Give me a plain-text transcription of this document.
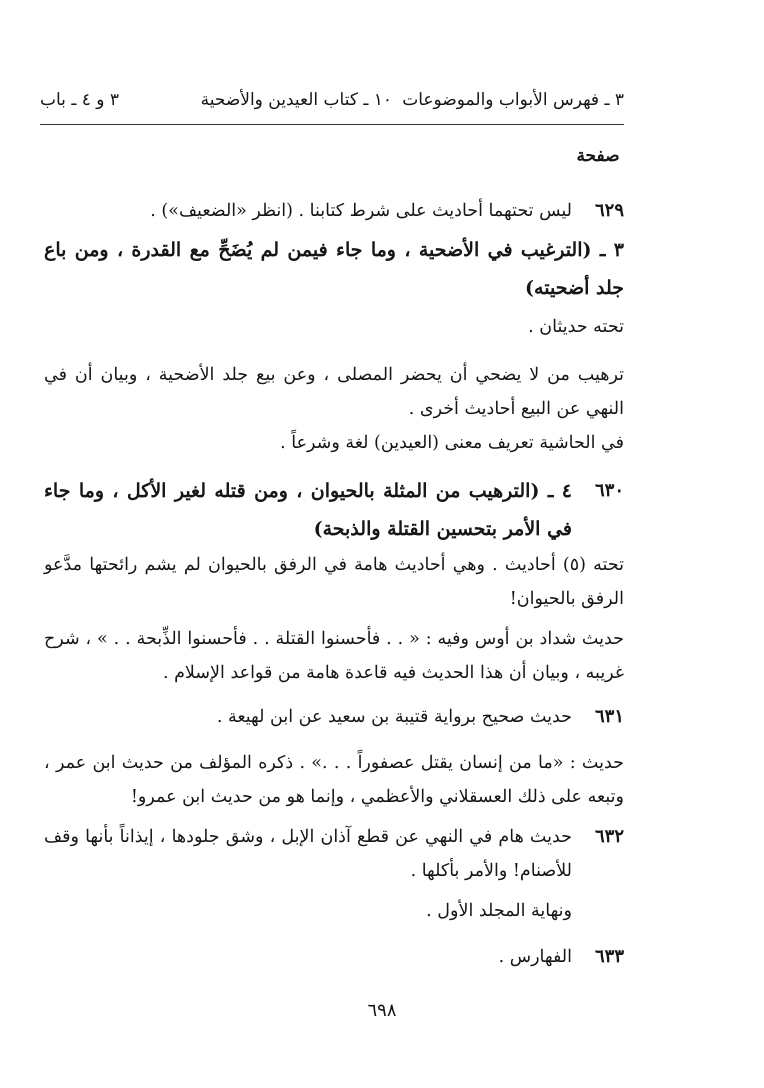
٣ ـ فهرس الأبواب والموضوعات
١٠ ـ كتاب العيدين والأضحية
٣ و ٤ ـ باب
صفحة
٦٢٩
ليس تحتهما أحاديث على شرط كتابنا . (انظر «الضعيف») .
٣ ـ (الترغيب في الأضحية ، وما جاء فيمن لم يُضَحِّ مع القدرة ، ومن باع جلد أضحيته)
تحته حديثان .
ترهيب من لا يضحي أن يحضر المصلى ، وعن بيع جلد الأضحية ، وبيان أن في النهي عن البيع أحاديث أخرى .
في الحاشية تعريف معنى (العيدين) لغة وشرعاً .
٦٣٠
٤ ـ (الترهيب من المثلة بالحيوان ، ومن قتله لغير الأكل ، وما جاء في الأمر بتحسين القتلة والذبحة)
تحته (٥) أحاديث . وهي أحاديث هامة في الرفق بالحيوان لم يشم رائحتها مدَّعو الرفق بالحيوان!
حديث شداد بن أوس وفيه : « . . فأحسنوا القتلة . . فأحسنوا الذِّبحة . . » ، شرح غريبه ، وبيان أن هذا الحديث فيه قاعدة هامة من قواعد الإسلام .
٦٣١
حديث صحيح برواية قتيبة بن سعيد عن ابن لهيعة .
حديث : «ما من إنسان يقتل عصفوراً . . .» . ذكره المؤلف من حديث ابن عمر ، وتبعه على ذلك العسقلاني والأعظمي ، وإنما هو من حديث ابن عمرو!
٦٣٢
حديث هام في النهي عن قطع آذان الإبل ، وشق جلودها ، إيذاناً بأنها وقف للأصنام! والأمر بأكلها .
ونهاية المجلد الأول .
٦٣٣
الفهارس .
٦٩٨
